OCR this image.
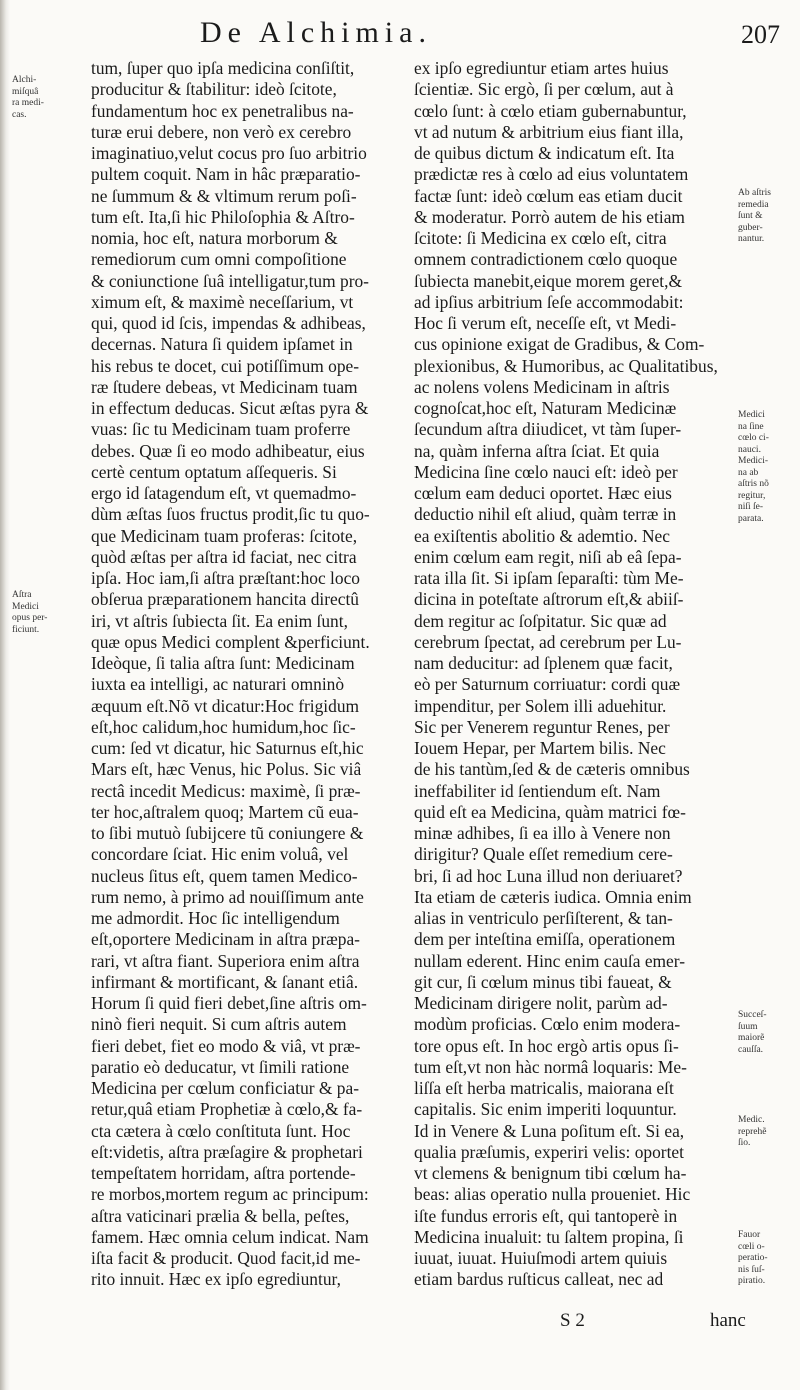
De Alchimia.	207
tum, ſuper quo ipſa medicina conſiſtit,
producitur & ſtabilitur: ideò ſcitote,
fundamentum hoc ex penetralibus na-
turæ erui debere, non verò ex cerebro
imaginatiuo,velut cocus pro ſuo arbitrio
pultem coquit. Nam in hâc præparatio-
ne ſummum & & vltimum rerum poſi-
tum eſt. Ita,ſi hic Philoſophia & Aſtro-
nomia, hoc eſt, natura morborum &
remediorum cum omni compoſitione
& coniunctione ſuâ intelligatur,tum pro-
ximum eſt, & maximè neceſſarium, vt
qui, quod id ſcis, impendas & adhibeas,
decernas. Natura ſi quidem ipſamet in
his rebus te docet, cui potiſſimum ope-
ræ ſtudere debeas, vt Medicinam tuam
in effectum deducas. Sicut æſtas pyra &
vuas: ſic tu Medicinam tuam proferre
debes. Quæ ſi eo modo adhibeatur, eius
certè centum optatum aſſequeris. Si
ergo id ſatagendum eſt, vt quemadmo-
dùm æſtas ſuos fructus prodit,ſic tu quo-
que Medicinam tuam proferas: ſcitote,
quòd æſtas per aſtra id faciat, nec citra
ipſa. Hoc iam,ſi aſtra præſtant:hoc loco
obſerua præparationem hancita directû
iri, vt aſtris ſubiecta ſit. Ea enim ſunt,
quæ opus Medici complent &perficiunt.
Ideòque, ſi talia aſtra ſunt: Medicinam
iuxta ea intelligi, ac naturari omninò
æquum eſt.Nõ vt dicatur:Hoc frigidum
eſt,hoc calidum,hoc humidum,hoc ſic-
cum: ſed vt dicatur, hic Saturnus eſt,hic
Mars eſt, hæc Venus, hic Polus. Sic viâ
rectâ incedit Medicus: maximè, ſi præ-
ter hoc,aſtralem quoq; Martem cũ eua-
to ſibi mutuò ſubijcere tũ coniungere &
concordare ſciat. Hic enim voluâ, vel
nucleus ſitus eſt, quem tamen Medico-
rum nemo, à primo ad nouiſſimum ante
me admordit. Hoc ſic intelligendum
eſt,oportere Medicinam in aſtra præpa-
rari, vt aſtra fiant. Superiora enim aſtra
infirmant & mortificant, & ſanant etiâ.
Horum ſi quid fieri debet,ſine aſtris om-
ninò fieri nequit. Si cum aſtris autem
fieri debet, fiet eo modo & viâ, vt præ-
paratio eò deducatur, vt ſimili ratione
Medicina per cœlum conficiatur & pa-
retur,quâ etiam Prophetiæ à cœlo,& fa-
cta cætera à cœlo conſtituta ſunt. Hoc
eſt:videtis, aſtra præſagire & prophetari
tempeſtatem horridam, aſtra portende-
re morbos,mortem regum ac principum:
aſtra vaticinari prælia & bella, peſtes,
famem. Hæc omnia celum indicat. Nam
iſta facit & producit. Quod facit,id me-
rito innuit. Hæc ex ipſo egrediuntur,
ex ipſo egrediuntur etiam artes huius
ſcientiæ. Sic ergò, ſi per cœlum, aut à
cœlo ſunt: à cœlo etiam gubernabuntur,
vt ad nutum & arbitrium eius fiant illa,
de quibus dictum & indicatum eſt. Ita
prædictæ res à cœlo ad eius voluntatem
factæ ſunt: ideò cœlum eas etiam ducit
& moderatur. Porrò autem de his etiam
ſcitote: ſi Medicina ex cœlo eſt, citra
omnem contradictionem cœlo quoque
ſubiecta manebit,eique morem geret,&
ad ipſius arbitrium ſeſe accommodabit:
Hoc ſi verum eſt, neceſſe eſt, vt Medi-
cus opinione exigat de Gradibus, & Com-
plexionibus, & Humoribus, ac Qualitatibus,
ac nolens volens Medicinam in aſtris
cognoſcat,hoc eſt, Naturam Medicinæ
ſecundum aſtra diiudicet, vt tàm ſuper-
na, quàm inferna aſtra ſciat. Et quia
Medicina ſine cœlo nauci eſt: ideò per
cœlum eam deduci oportet. Hæc eius
deductio nihil eſt aliud, quàm terræ in
ea exiſtentis abolitio & ademtio. Nec
enim cœlum eam regit, niſi ab eâ ſepa-
rata illa ſit. Si ipſam ſeparaſti: tùm Me-
dicina in poteſtate aſtrorum eſt,& abiiſ-
dem regitur ac ſoſpitatur. Sic quæ ad
cerebrum ſpectat, ad cerebrum per Lu-
nam deducitur: ad ſplenem quæ facit,
eò per Saturnum corriuatur: cordi quæ
impenditur, per Solem illi aduehitur.
Sic per Venerem reguntur Renes, per
Iouem Hepar, per Martem bilis. Nec
de his tantùm,ſed & de cæteris omnibus
ineffabiliter id ſentiendum eſt. Nam
quid eſt ea Medicina, quàm matrici fœ-
minæ adhibes, ſi ea illo à Venere non
dirigitur? Quale eſſet remedium cere-
bri, ſi ad hoc Luna illud non deriuaret?
Ita etiam de cæteris iudica. Omnia enim
alias in ventriculo perſiſterent, & tan-
dem per inteſtina emiſſa, operationem
nullam ederent. Hinc enim cauſa emer-
git cur, ſi cœlum minus tibi faueat, &
Medicinam dirigere nolit, parùm ad-
modùm proficias. Cœlo enim modera-
tore opus eſt. In hoc ergò artis opus ſi-
tum eſt,vt non hàc normâ loquaris: Me-
liſſa eſt herba matricalis, maiorana eſt
capitalis. Sic enim imperiti loquuntur.
Id in Venere & Luna poſitum eſt. Si ea,
qualia præſumis, experiri velis: oportet
vt clemens & benignum tibi cœlum ha-
beas: alias operatio nulla proueniet. Hic
iſte fundus erroris eſt, qui tantoperè in
Medicina inualuit: tu ſaltem propina, ſi
iuuat, iuuat. Huiuſmodi artem quiuis
etiam bardus ruſticus calleat, nec ad
Alchi-
miſquâ
ra medi-
cas.
Aſtra
Medici
opus per-
ficiunt.
Ab aſtris
remedia
ſunt &
guber-
nantur.
Medici
na ſine
cœlo ci-
nauci.
Medici-
na ab
aſtris nõ
regitur,
niſi ſe-
parata.
Succeſ-
ſuum
maiorẽ
cauſſa.
Medic.
reprehẽ
ſio.
Fauor
cœli o-
peratio-
nis ſuſ-
piratio.
S 2	hanc
